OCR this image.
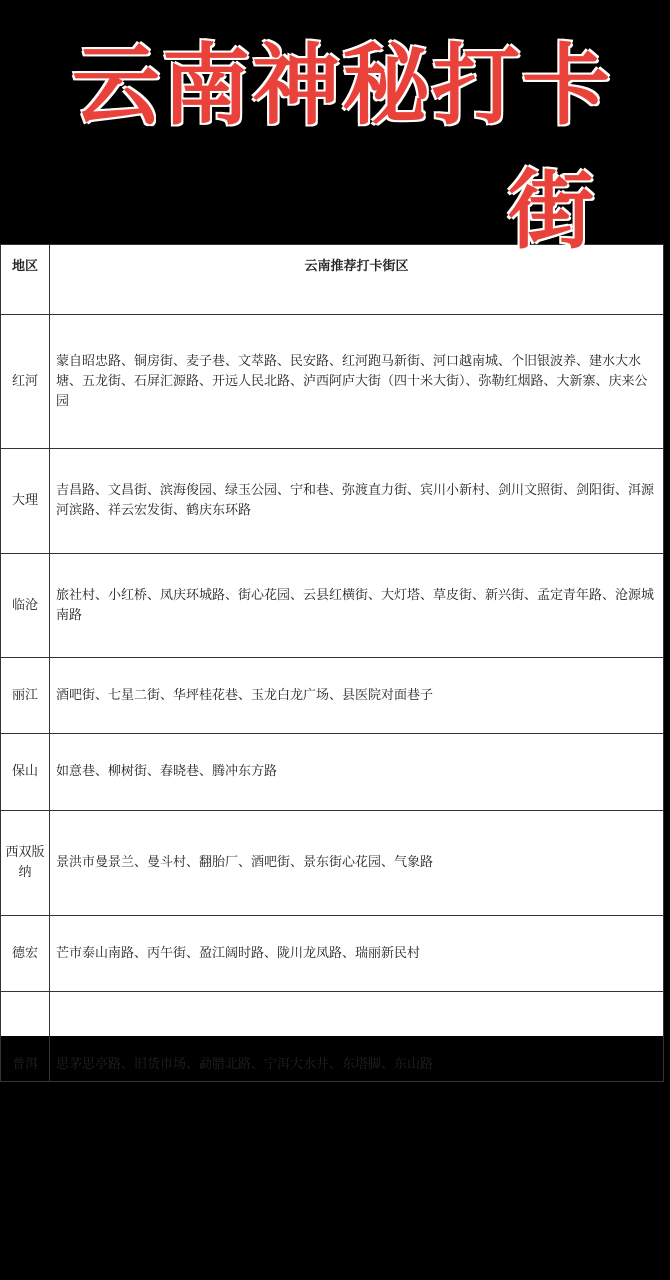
云南神秘打卡
街
地区	云南推荐打卡街区
红河	蒙自昭忠路、铜房街、麦子巷、文萃路、民安路、红河跑马新街、河口越南城、个旧银波养、建水大水塘、五龙街、石屏汇源路、开远人民北路、泸西阿庐大街（四十米大街）、弥勒红烟路、大新寨、庆来公园
大理	吉昌路、文昌街、滨海俊园、绿玉公园、宁和巷、弥渡直力街、宾川小新村、剑川文照街、剑阳街、洱源河滨路、祥云宏发街、鹤庆东环路
临沧	旅社村、小红桥、凤庆环城路、街心花园、云县红横街、大灯塔、草皮街、新兴街、孟定青年路、沧源城南路
丽江	酒吧街、七星二街、华坪桂花巷、玉龙白龙广场、县医院对面巷子
保山	如意巷、柳树街、春晓巷、腾冲东方路
西双版纳	景洪市曼景兰、曼斗村、翻胎厂、酒吧街、景东街心花园、气象路
德宏	芒市泰山南路、丙午街、盈江阔时路、陇川龙凤路、瑞丽新民村
普洱	思茅思亭路、旧货市场、勐腊北路、宁洱大水井、东塔脚、东山路
